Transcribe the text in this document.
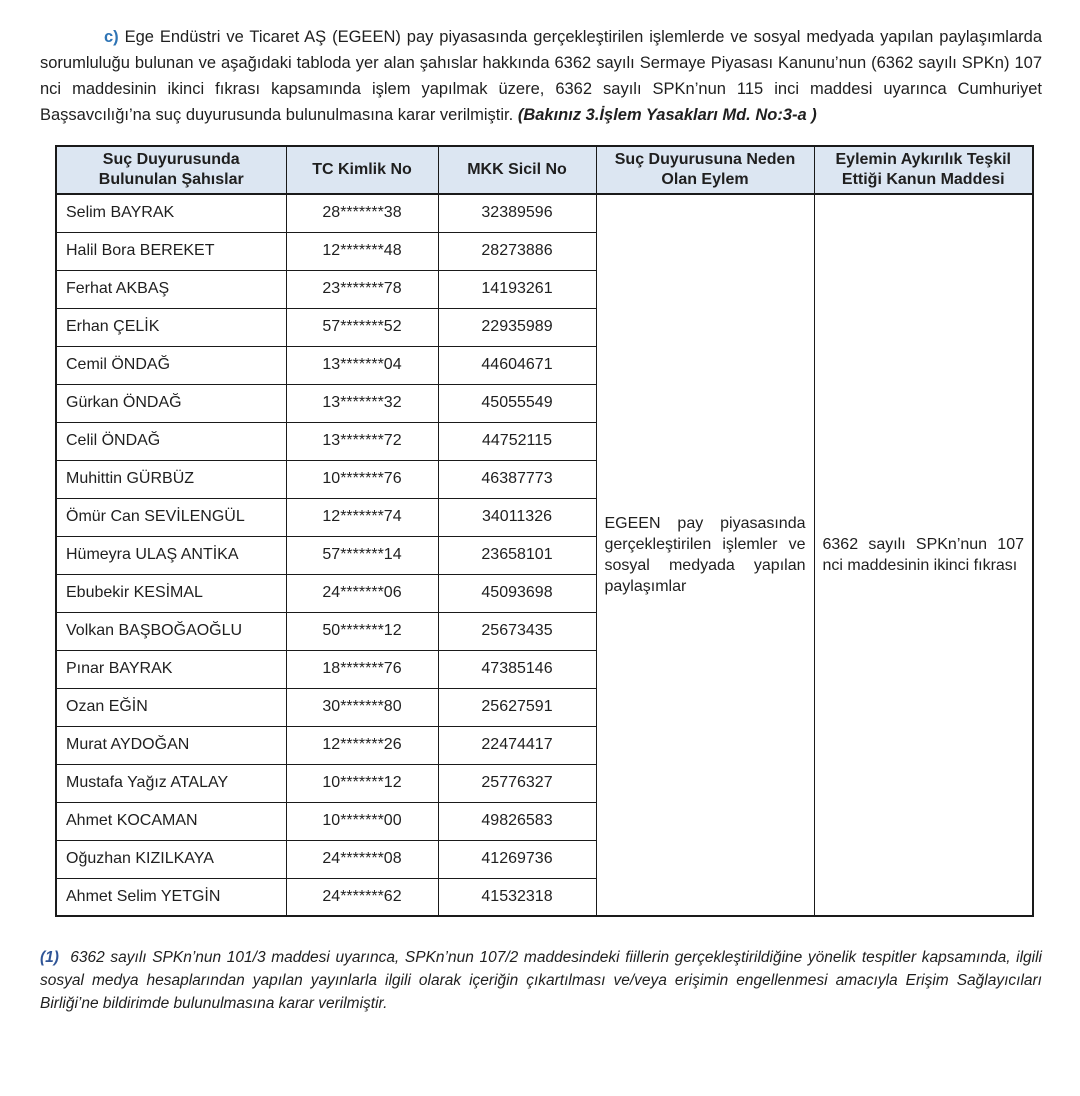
c) Ege Endüstri ve Ticaret AŞ (EGEEN) pay piyasasında gerçekleştirilen işlemlerde ve sosyal medyada yapılan paylaşımlarda sorumluluğu bulunan ve aşağıdaki tabloda yer alan şahıslar hakkında 6362 sayılı Sermaye Piyasası Kanunu’nun (6362 sayılı SPKn) 107 nci maddesinin ikinci fıkrası kapsamında işlem yapılmak üzere, 6362 sayılı SPKn’nun 115 inci maddesi uyarınca Cumhuriyet Başsavcılığı’na suç duyurusunda bulunulmasına karar verilmiştir. (Bakınız 3.İşlem Yasakları Md. No:3-a )

Suç Duyurusunda Bulunulan Şahıslar	TC Kimlik No	MKK Sicil No	Suç Duyurusuna Neden Olan Eylem	Eylemin Aykırılık Teşkil Ettiği Kanun Maddesi
Selim BAYRAK	28*******38	32389596	EGEEN pay piyasasında gerçekleştirilen işlemler ve sosyal medyada yapılan paylaşımlar	6362 sayılı SPKn’nun 107 nci maddesinin ikinci fıkrası
Halil Bora BEREKET	12*******48	28273886		
Ferhat AKBAŞ	23*******78	14193261		
Erhan ÇELİK	57*******52	22935989		
Cemil ÖNDAĞ	13*******04	44604671		
Gürkan ÖNDAĞ	13*******32	45055549		
Celil ÖNDAĞ	13*******72	44752115		
Muhittin GÜRBÜZ	10*******76	46387773		
Ömür Can SEVİLENGÜL	12*******74	34011326		
Hümeyra ULAŞ ANTİKA	57*******14	23658101		
Ebubekir KESİMAL	24*******06	45093698		
Volkan BAŞBOĞAOĞLU	50*******12	25673435		
Pınar BAYRAK	18*******76	47385146		
Ozan EĞİN	30*******80	25627591		
Murat AYDOĞAN	12*******26	22474417		
Mustafa Yağız ATALAY	10*******12	25776327		
Ahmet KOCAMAN	10*******00	49826583		
Oğuzhan KIZILKAYA	24*******08	41269736		
Ahmet Selim YETGİN	24*******62	41532318		

(1) 6362 sayılı SPKn’nun 101/3 maddesi uyarınca, SPKn’nun 107/2 maddesindeki fiillerin gerçekleştirildiğine yönelik tespitler kapsamında, ilgili sosyal medya hesaplarından yapılan yayınlarla ilgili olarak içeriğin çıkartılması ve/veya erişimin engellenmesi amacıyla Erişim Sağlayıcıları Birliği’ne bildirimde bulunulmasına karar verilmiştir.
